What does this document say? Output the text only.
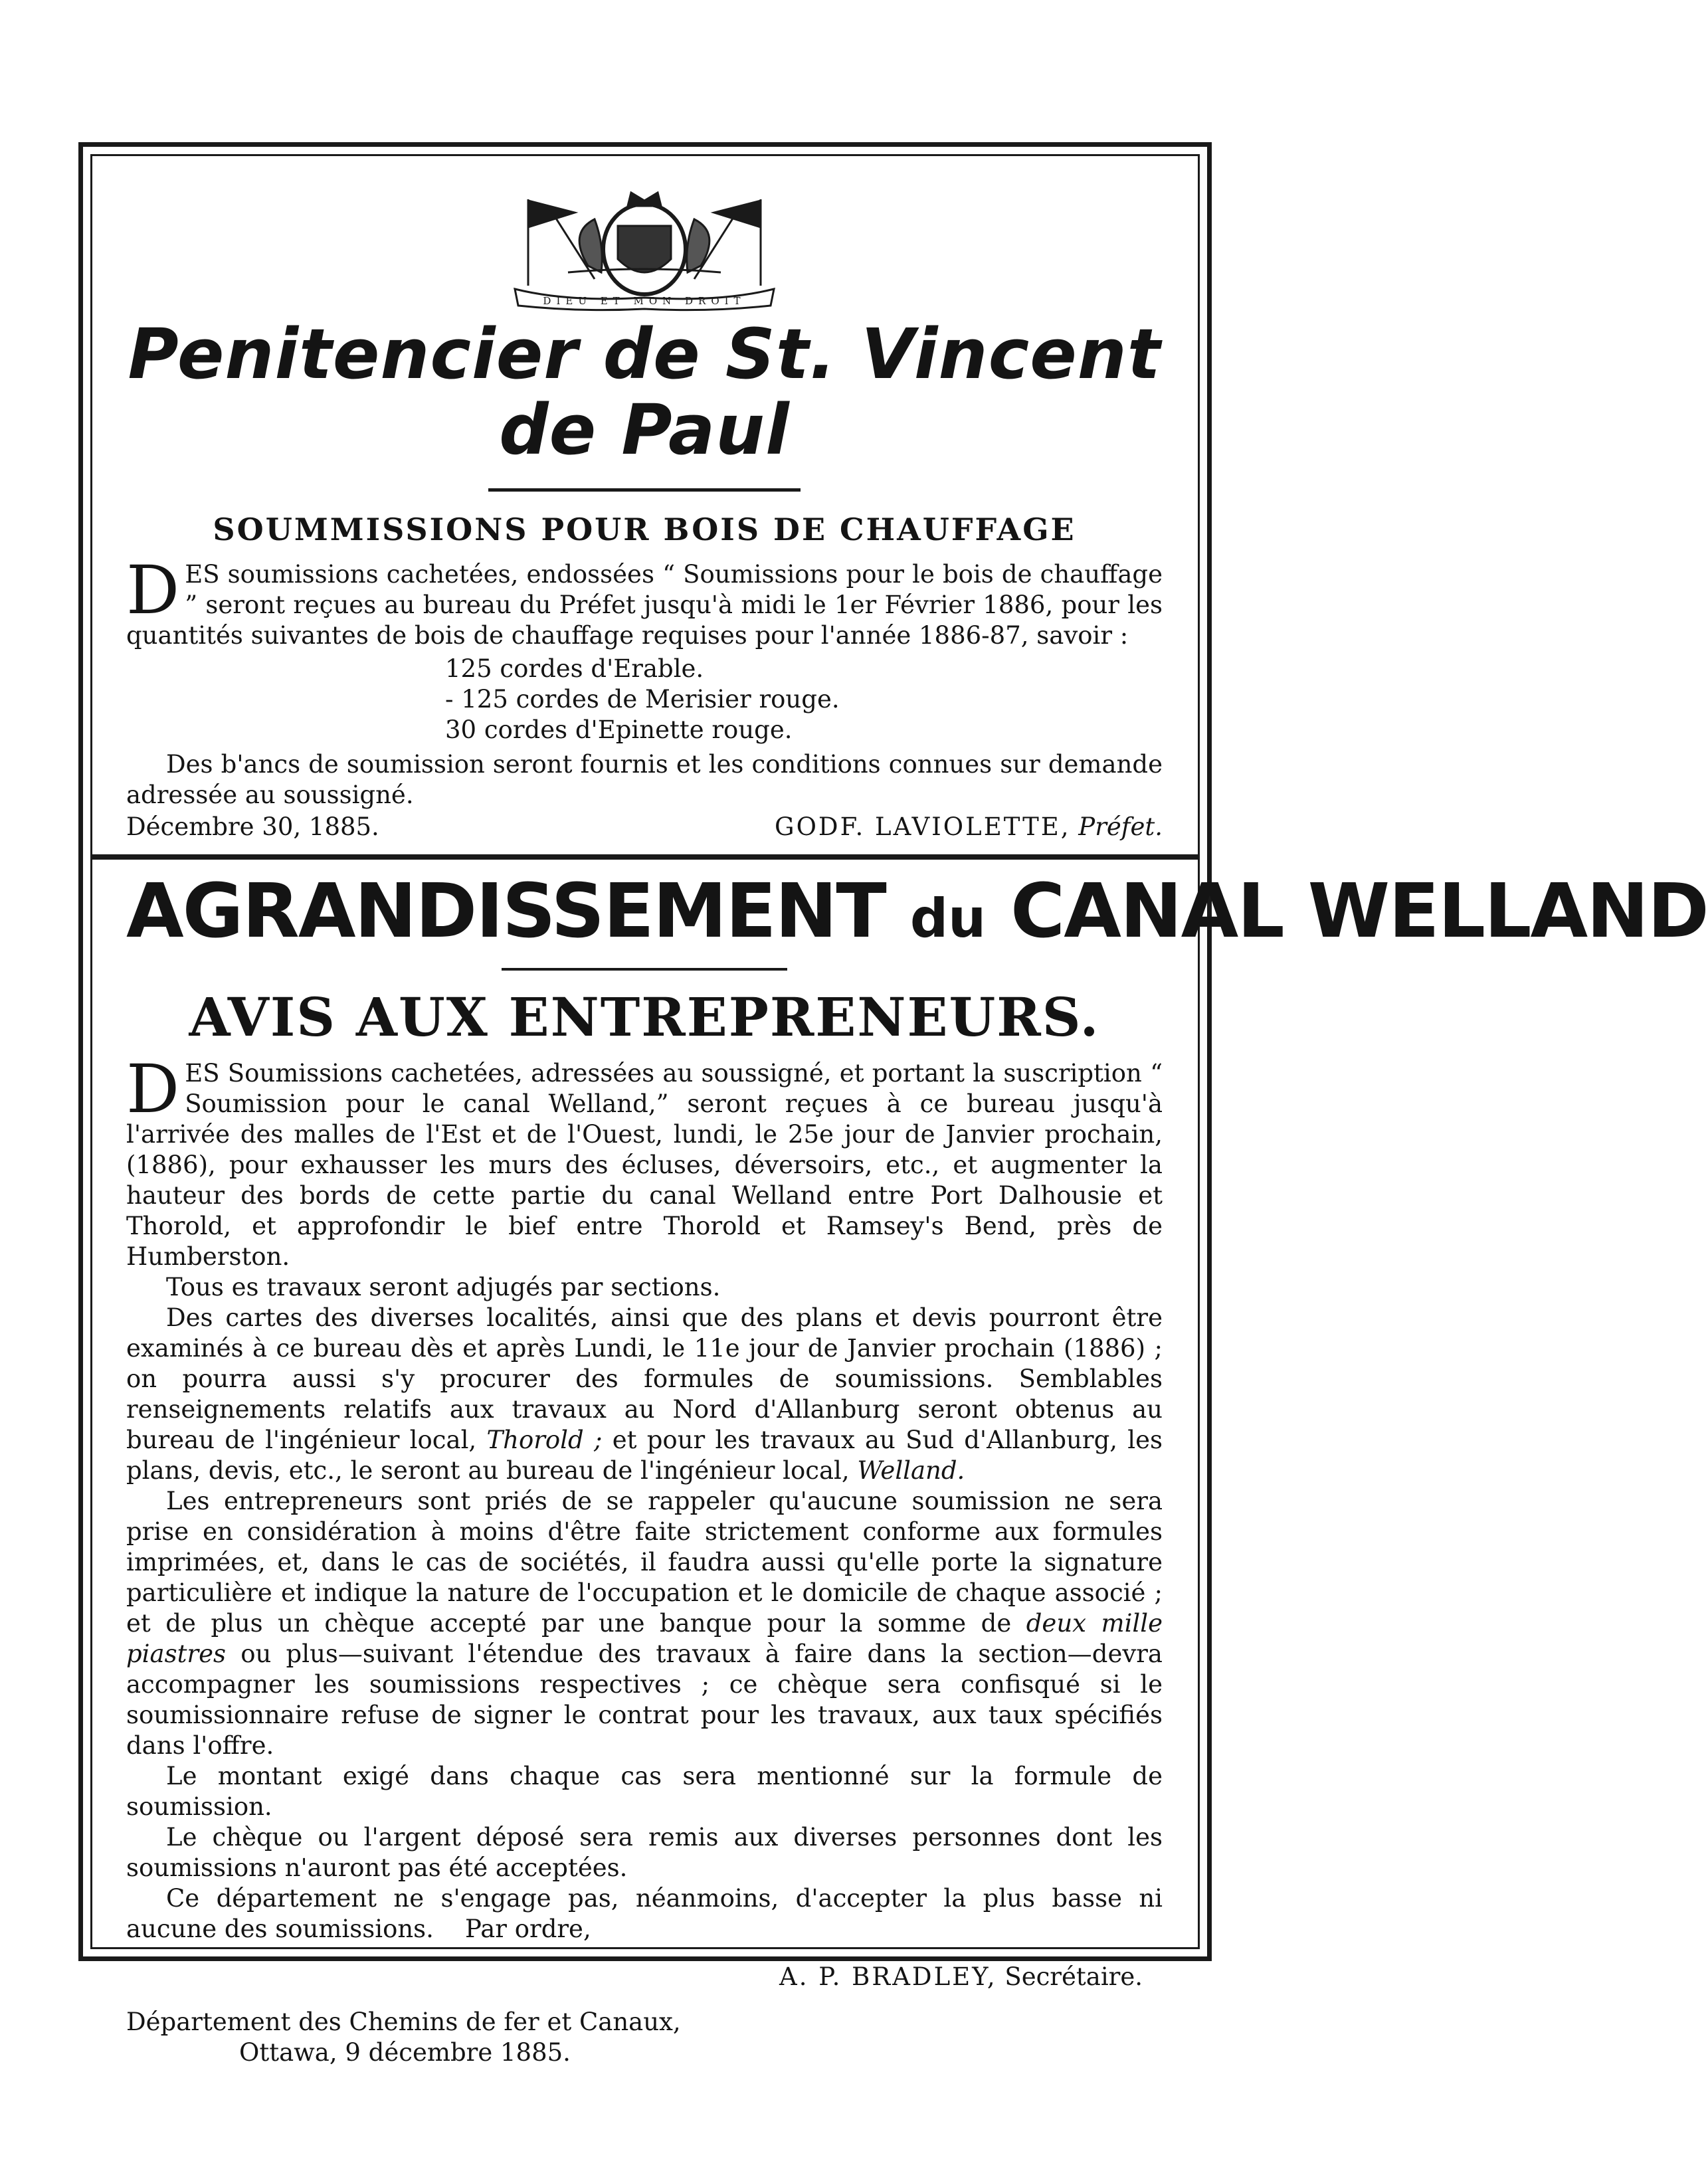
DIEU ET MON DROIT
Penitencier de St. Vincent de Paul
SOUMMISSIONS POUR BOIS DE CHAUFFAGE

DES soumissions cachetées, endossées “ Soumissions pour le bois de chauffage ” seront reçues au bureau du Préfet jusqu'à midi le 1er Février 1886, pour les quantités suivantes de bois de chauffage requises pour l'année 1886-87, savoir :

125 cordes d'Erable.
- 125 cordes de Merisier rouge.
30 cordes d'Epinette rouge.

Des b'ancs de soumission seront fournis et les conditions connues sur demande adressée au soussigné.

Décembre 30, 1885.	GODF. LAVIOLETTE, Préfet.
AGRANDISSEMENT du CANAL WELLAND
AVIS AUX ENTREPRENEURS.

DES Soumissions cachetées, adressées au soussigné, et portant la suscription “ Soumission pour le canal Welland,” seront reçues à ce bureau jusqu'à l'arrivée des malles de l'Est et de l'Ouest, lundi, le 25e jour de Janvier prochain, (1886), pour exhausser les murs des écluses, déversoirs, etc., et augmenter la hauteur des bords de cette partie du canal Welland entre Port Dalhousie et Thorold, et approfondir le bief entre Thorold et Ramsey's Bend, près de Humberston.

Tous es travaux seront adjugés par sections.

Des cartes des diverses localités, ainsi que des plans et devis pourront être examinés à ce bureau dès et après Lundi, le 11e jour de Janvier prochain (1886) ; on pourra aussi s'y procurer des formules de soumissions. Semblables renseignements relatifs aux travaux au Nord d'Allanburg seront obtenus au bureau de l'ingénieur local, Thorold ; et pour les travaux au Sud d'Allanburg, les plans, devis, etc., le seront au bureau de l'ingénieur local, Welland.

Les entrepreneurs sont priés de se rappeler qu'aucune soumission ne sera prise en considération à moins d'être faite strictement conforme aux formules imprimées, et, dans le cas de sociétés, il faudra aussi qu'elle porte la signature particulière et indique la nature de l'occupation et le domicile de chaque associé ; et de plus un chèque accepté par une banque pour la somme de deux mille piastres ou plus—suivant l'étendue des travaux à faire dans la section—devra accompagner les soumissions respectives ; ce chèque sera confisqué si le soumissionnaire refuse de signer le contrat pour les travaux, aux taux spécifiés dans l'offre.

Le montant exigé dans chaque cas sera mentionné sur la formule de soumission.

Le chèque ou l'argent déposé sera remis aux diverses personnes dont les soumissions n'auront pas été acceptées.

Ce département ne s'engage pas, néanmoins, d'accepter la plus basse ni aucune des soumissions. Par ordre,

A. P. BRADLEY, Secrétaire.
Département des Chemins de fer et Canaux,
Ottawa, 9 décembre 1885.
